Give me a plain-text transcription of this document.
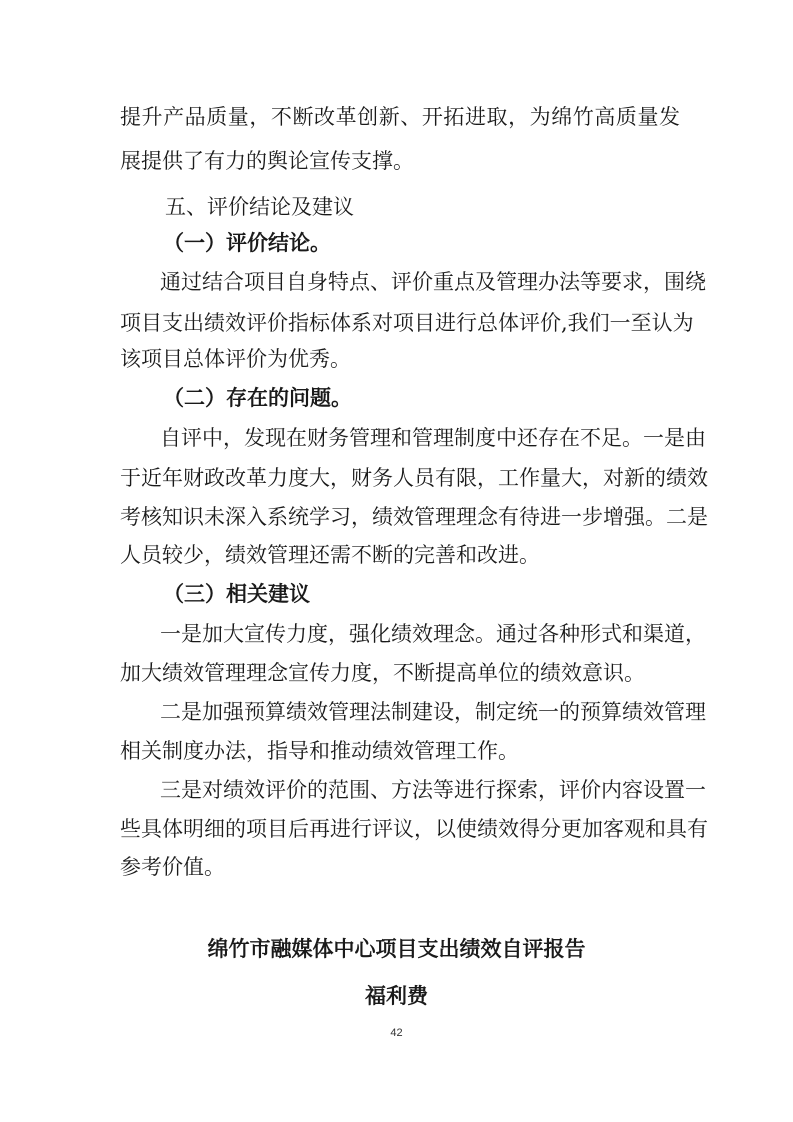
提升产品质量，不断改革创新、开拓进取，为绵竹高质量发
展提供了有力的舆论宣传支撑。
五、评价结论及建议
（一）评价结论。
通过结合项目自身特点、评价重点及管理办法等要求，围绕
项目支出绩效评价指标体系对项目进行总体评价,我们一至认为
该项目总体评价为优秀。
（二）存在的问题。
自评中，发现在财务管理和管理制度中还存在不足。一是由
于近年财政改革力度大，财务人员有限，工作量大，对新的绩效
考核知识未深入系统学习，绩效管理理念有待进一步增强。二是
人员较少，绩效管理还需不断的完善和改进。
（三）相关建议
一是加大宣传力度，强化绩效理念。通过各种形式和渠道，
加大绩效管理理念宣传力度，不断提高单位的绩效意识。
二是加强预算绩效管理法制建设，制定统一的预算绩效管理
相关制度办法，指导和推动绩效管理工作。
三是对绩效评价的范围、方法等进行探索，评价内容设置一
些具体明细的项目后再进行评议，以使绩效得分更加客观和具有
参考价值。
绵竹市融媒体中心项目支出绩效自评报告
福利费
42
